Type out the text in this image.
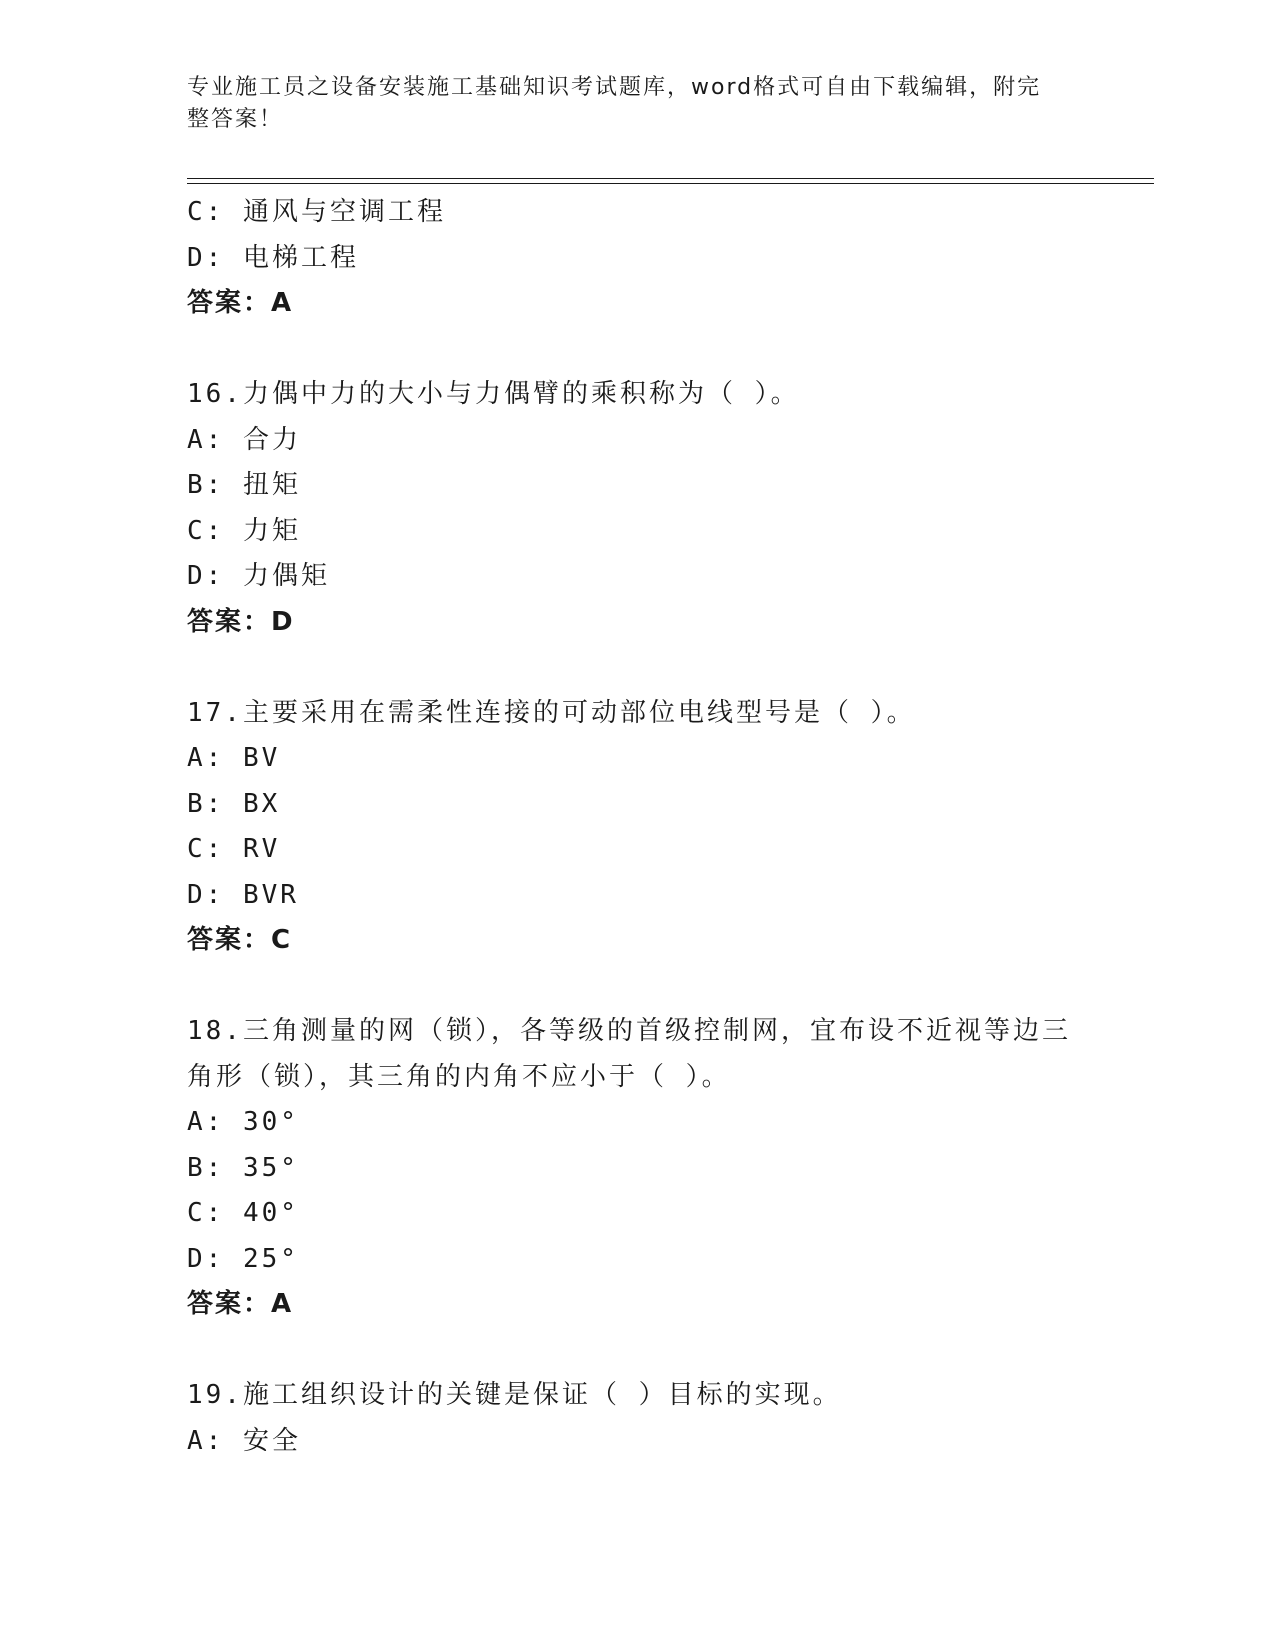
专业施工员之设备安装施工基础知识考试题库，word格式可自由下载编辑，附完
整答案！
C: 通风与空调工程
D: 电梯工程
答案：A
16.力偶中力的大小与力偶臂的乘积称为（ ）。
A: 合力
B: 扭矩
C: 力矩
D: 力偶矩
答案：D
17.主要采用在需柔性连接的可动部位电线型号是（ ）。
A: BV
B: BX
C: RV
D: BVR
答案：C
18.三角测量的网（锁），各等级的首级控制网，宜布设不近视等边三
角形（锁），其三角的内角不应小于（ ）。
A: 30°
B: 35°
C: 40°
D: 25°
答案：A
19.施工组织设计的关键是保证（ ）目标的实现。
A: 安全
